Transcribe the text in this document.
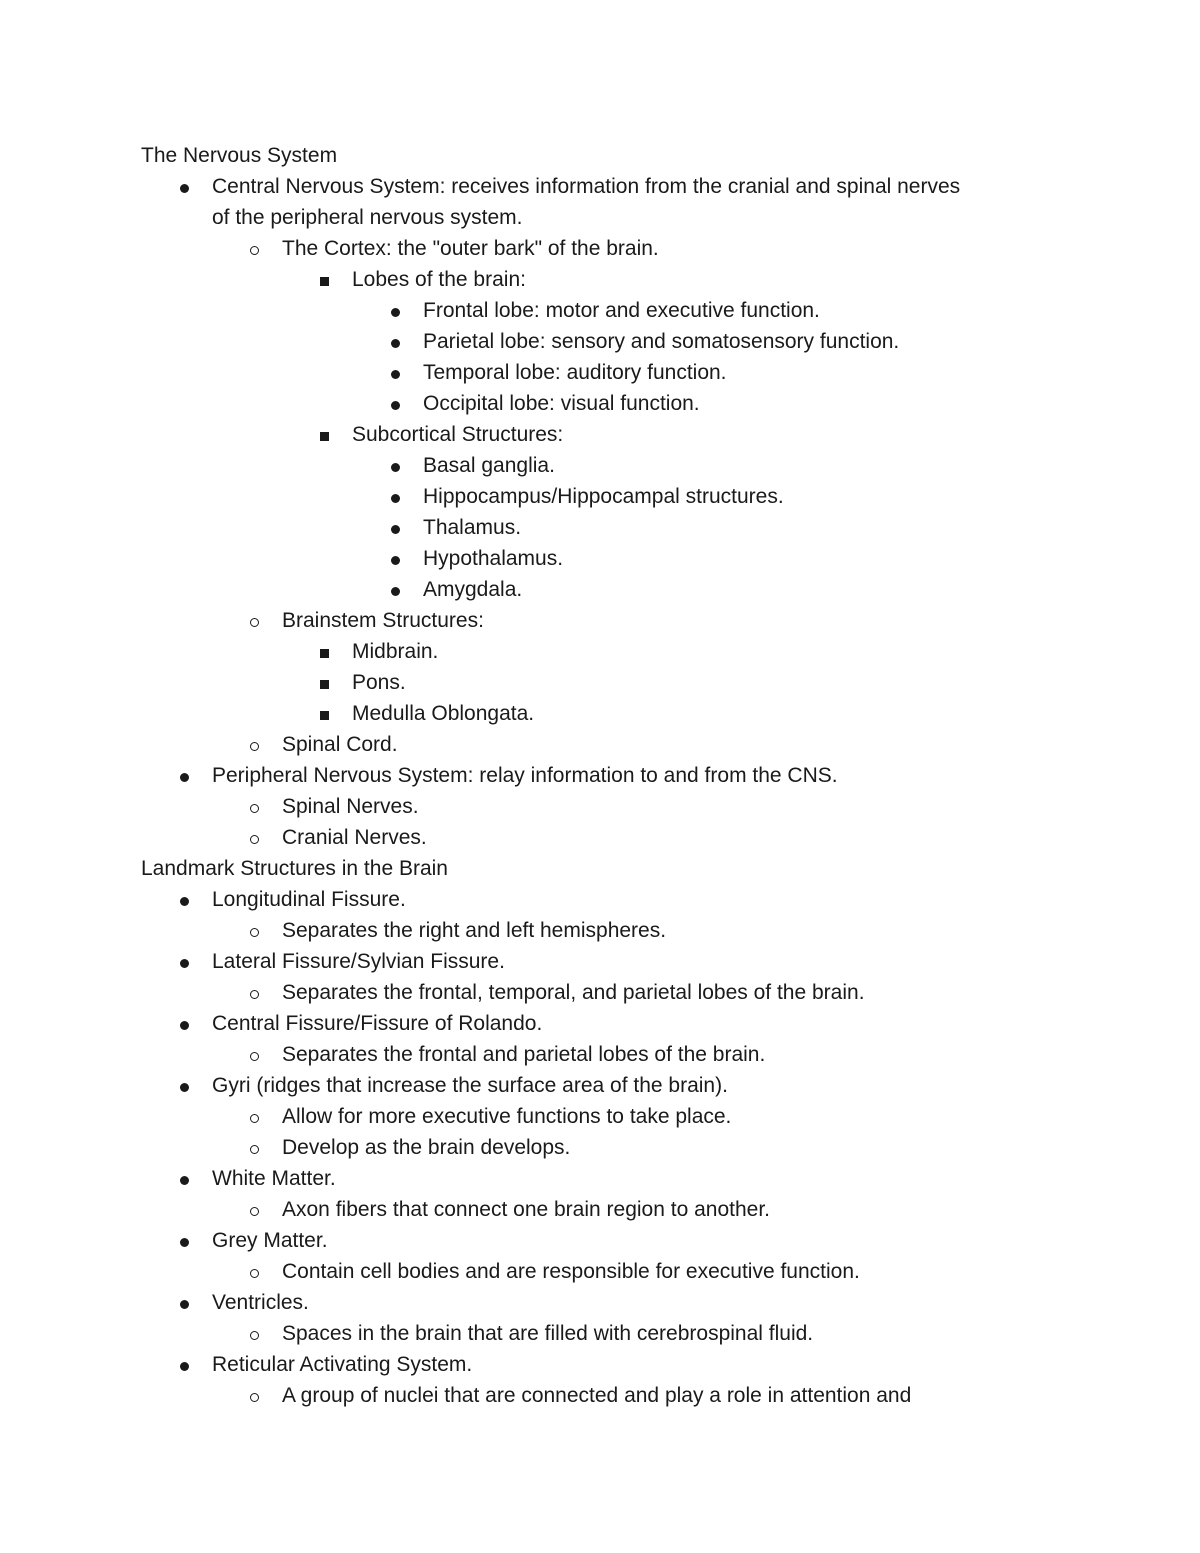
The Nervous System
Central Nervous System: receives information from the cranial and spinal nerves
of the peripheral nervous system.
The Cortex: the "outer bark" of the brain.
Lobes of the brain:
Frontal lobe: motor and executive function.
Parietal lobe: sensory and somatosensory function.
Temporal lobe: auditory function.
Occipital lobe: visual function.
Subcortical Structures:
Basal ganglia.
Hippocampus/Hippocampal structures.
Thalamus.
Hypothalamus.
Amygdala.
Brainstem Structures:
Midbrain.
Pons.
Medulla Oblongata.
Spinal Cord.
Peripheral Nervous System: relay information to and from the CNS.
Spinal Nerves.
Cranial Nerves.
Landmark Structures in the Brain
Longitudinal Fissure.
Separates the right and left hemispheres.
Lateral Fissure/Sylvian Fissure.
Separates the frontal, temporal, and parietal lobes of the brain.
Central Fissure/Fissure of Rolando.
Separates the frontal and parietal lobes of the brain.
Gyri (ridges that increase the surface area of the brain).
Allow for more executive functions to take place.
Develop as the brain develops.
White Matter.
Axon fibers that connect one brain region to another.
Grey Matter.
Contain cell bodies and are responsible for executive function.
Ventricles.
Spaces in the brain that are filled with cerebrospinal fluid.
Reticular Activating System.
A group of nuclei that are connected and play a role in attention and
